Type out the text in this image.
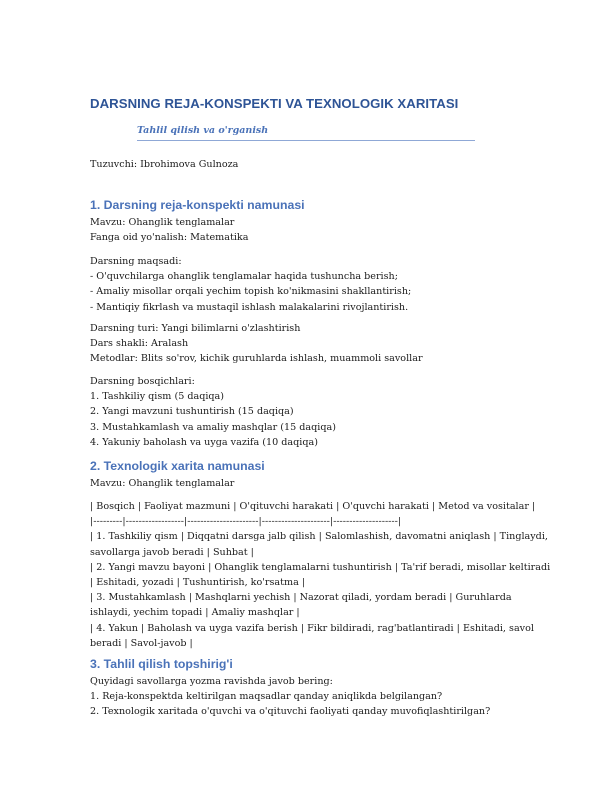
DARSNING REJA-KONSPEKTI VA TEXNOLOGIK XARITASI
Tahlil qilish va o'rganish
Tuzuvchi: Ibrohimova Gulnoza
1. Darsning reja-konspekti namunasi
Mavzu: Ohanglik tenglamalar
Fanga oid yo'nalish: Matematika
Darsning maqsadi:
- O'quvchilarga ohanglik tenglamalar haqida tushuncha berish;
- Amaliy misollar orqali yechim topish ko'nikmasini shakllantirish;
- Mantiqiy fikrlash va mustaqil ishlash malakalarini rivojlantirish.
Darsning turi: Yangi bilimlarni o'zlashtirish
Dars shakli: Aralash
Metodlar: Blits so'rov, kichik guruhlarda ishlash, muammoli savollar
Darsning bosqichlari:
1. Tashkiliy qism (5 daqiqa)
2. Yangi mavzuni tushuntirish (15 daqiqa)
3. Mustahkamlash va amaliy mashqlar (15 daqiqa)
4. Yakuniy baholash va uyga vazifa (10 daqiqa)
2. Texnologik xarita namunasi
Mavzu: Ohanglik tenglamalar
| Bosqich | Faoliyat mazmuni | O'qituvchi harakati | O'quvchi harakati | Metod va vositalar |
|---------|------------------|----------------------|---------------------|--------------------|
| 1. Tashkiliy qism | Diqqatni darsga jalb qilish | Salomlashish, davomatni aniqlash | Tinglaydi,
savollarga javob beradi | Suhbat |
| 2. Yangi mavzu bayoni | Ohanglik tenglamalarni tushuntirish | Ta'rif beradi, misollar keltiradi
| Eshitadi, yozadi | Tushuntirish, ko'rsatma |
| 3. Mustahkamlash | Mashqlarni yechish | Nazorat qiladi, yordam beradi | Guruhlarda
ishlaydi, yechim topadi | Amaliy mashqlar |
| 4. Yakun | Baholash va uyga vazifa berish | Fikr bildiradi, rag'batlantiradi | Eshitadi, savol
beradi | Savol-javob |
3. Tahlil qilish topshirig'i
Quyidagi savollarga yozma ravishda javob bering:
1. Reja-konspektda keltirilgan maqsadlar qanday aniqlikda belgilangan?
2. Texnologik xaritada o'quvchi va o'qituvchi faoliyati qanday muvofiqlashtirilgan?
